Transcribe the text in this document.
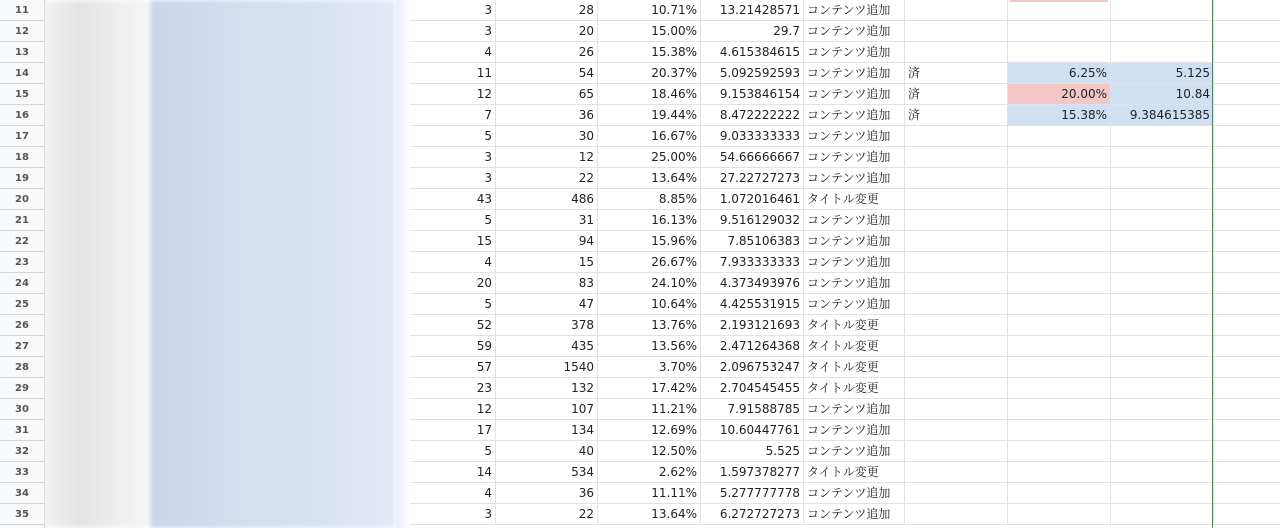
11	3	28	10.71%	13.21428571 コンテンツ追加
12	3	20	15.00%	29.7 コンテンツ追加
13	4	26	15.38%	4.615384615 コンテンツ追加
14	11	54	20.37%	5.092592593 コンテンツ追加	済	6.25%	5.125
15	12	65	18.46%	9.153846154 コンテンツ追加	済	20.00%	10.84
16	7	36	19.44%	8.472222222 コンテンツ追加	済	15.38%	9.384615385
17	5	30	16.67%	9.033333333 コンテンツ追加
18	3	12	25.00%	54.66666667 コンテンツ追加
19	3	22	13.64%	27.22727273 コンテンツ追加
20	43	486	8.85%	1.072016461 タイトル変更
21	5	31	16.13%	9.516129032 コンテンツ追加
22	15	94	15.96%	7.85106383 コンテンツ追加
23	4	15	26.67%	7.933333333 コンテンツ追加
24	20	83	24.10%	4.373493976 コンテンツ追加
25	5	47	10.64%	4.425531915 コンテンツ追加
26	52	378	13.76%	2.193121693 タイトル変更
27	59	435	13.56%	2.471264368 タイトル変更
28	57	1540	3.70%	2.096753247 タイトル変更
29	23	132	17.42%	2.704545455 タイトル変更
30	12	107	11.21%	7.91588785 コンテンツ追加
31	17	134	12.69%	10.60447761 コンテンツ追加
32	5	40	12.50%	5.525 コンテンツ追加
33	14	534	2.62%	1.597378277 タイトル変更
34	4	36	11.11%	5.277777778 コンテンツ追加
35	3	22	13.64%	6.272727273 コンテンツ追加
